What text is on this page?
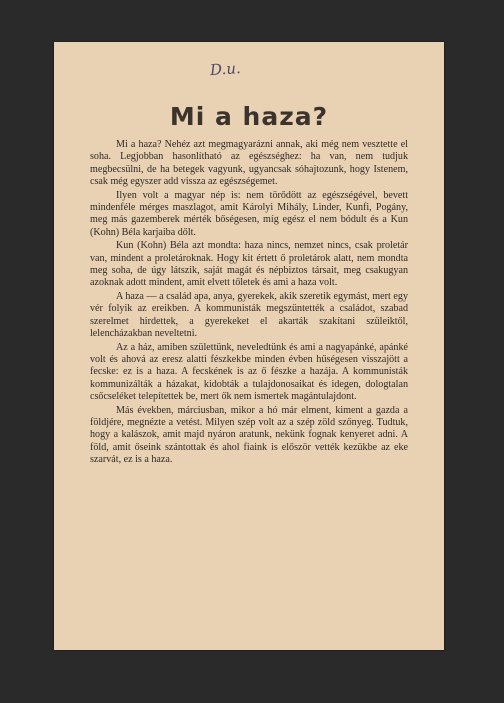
D.u.
Mi a haza?

Mi a haza? Nehéz azt megmagyarázni annak, aki még nem vesztette el soha. Legjobban hasonlítható az egészséghez: ha van, nem tudjuk megbecsülni, de ha betegek vagyunk, ugyancsak sóhajtozunk, hogy Istenem, csak még egyszer add vissza az egészségemet.

Ilyen volt a magyar nép is: nem törődött az egészségével, bevett mindenféle mérges maszlagot, amit Károlyi Mihály, Linder, Kunfi, Pogány, meg más gazemberek mérték bőségesen, míg egész el nem bódult és a Kun (Kohn) Béla karjaiba dőlt.

Kun (Kohn) Béla azt mondta: haza nincs, nemzet nincs, csak proletár van, mindent a proletároknak. Hogy kit értett ő proletárok alatt, nem mondta meg soha, de úgy látszik, saját magát és népbiztos társait, meg csakugyan azoknak adott mindent, amit elvett tőletek és ami a haza volt.

A haza — a család apa, anya, gyerekek, akik szeretik egymást, mert egy vér folyik az ereikben. A kommunisták megszüntették a családot, szabad szerelmet hirdettek, a gyerekeket el akarták szakítani szüleiktől, lelencházakban neveltetni.

Az a ház, amiben születtünk, neveledtünk és ami a nagyapánké, apánké volt és ahová az eresz alatti fészkekbe minden évben hűségesen visszajött a fecske: ez is a haza. A fecskének is az ő fészke a hazája. A kommunisták kommunizálták a házakat, kidobták a tulajdonosaikat és idegen, dologtalan csőcseléket telepítettek be, mert ők nem ismertek magántulajdont.

Más években, márciusban, mikor a hó már elment, kiment a gazda a földjére, megnézte a vetést. Milyen szép volt az a szép zöld szőnyeg. Tudtuk, hogy a kalászok, amit majd nyáron aratunk, nekünk fognak kenyeret adni. A föld, amit őseink szántottak és ahol fiaink is először vették kezükbe az eke szarvát, ez is a haza.
